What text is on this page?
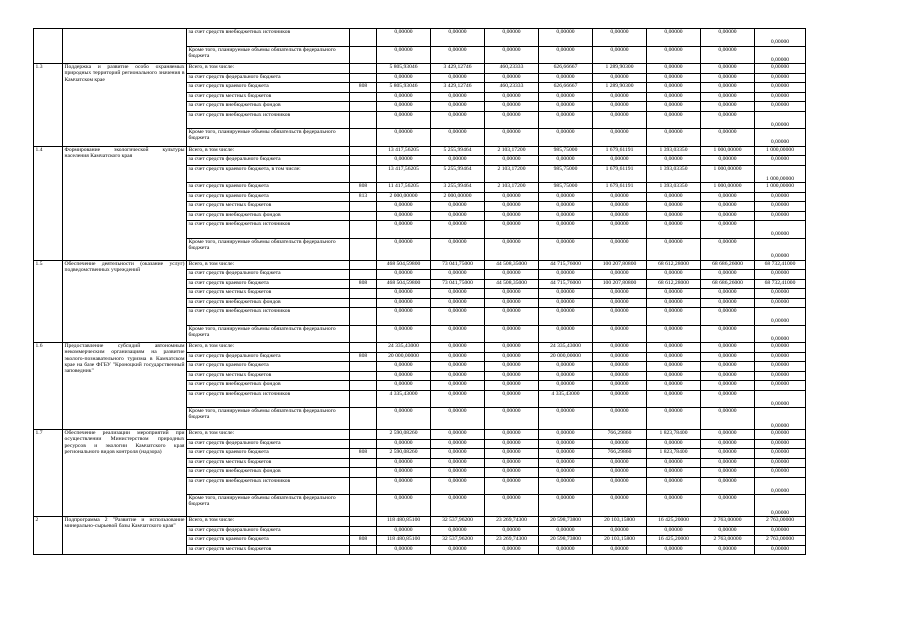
		за счет средств внебюджетных источников		0,00000	0,00000	0,00000	0,00000	0,00000	0,00000	0,00000	0,00000
		Кроме того, планируемые объемы обязательств федерального бюджета		0,00000	0,00000	0,00000	0,00000	0,00000	0,00000	0,00000	0,00000
1.3	Поддержка и развитие особо охраняемых природных территорий регионального значения в Камчатском крае	Всего, в том числе:		5 805,93046	3 429,12746	460,23333	626,66667	1 289,90300	0,00000	0,00000	0,00000
		за счет средств федерального бюджета		0,00000	0,00000	0,00000	0,00000	0,00000	0,00000	0,00000	0,00000
		за счет средств краевого бюджета	808	5 805,93046	3 429,12746	460,23333	626,66667	1 289,90300	0,00000	0,00000	0,00000
		за счет средств местных бюджетов		0,00000	0,00000	0,00000	0,00000	0,00000	0,00000	0,00000	0,00000
		за счет средств внебюджетных фондов		0,00000	0,00000	0,00000	0,00000	0,00000	0,00000	0,00000	0,00000
		за счет средств внебюджетных источников		0,00000	0,00000	0,00000	0,00000	0,00000	0,00000	0,00000	0,00000
		Кроме того, планируемые объемы обязательств федерального бюджета		0,00000	0,00000	0,00000	0,00000	0,00000	0,00000	0,00000	0,00000
1.4	Формирование экологической культуры населения Камчатского края	Всего, в том числе:		13 417,56205	5 255,99464	2 103,17200	985,75000	1 679,61191	1 393,03350	1 000,00000	1 000,00000
		за счет средств федерального бюджета		0,00000	0,00000	0,00000	0,00000	0,00000	0,00000	0,00000	0,00000
		за счет средств краевого бюджета, в том числе:		13 417,56205	5 255,99464	2 103,17200	985,75000	1 679,61191	1 393,03350	1 000,00000	1 000,00000
		за счет средств краевого бюджета	808	11 417,56205	3 255,99464	2 103,17200	985,75000	1 679,61191	1 393,03350	1 000,00000	1 000,00000
		за счет средств краевого бюджета	813	2 000,00000	2 000,00000	0,00000	0,00000	0,00000	0,00000	0,00000	0,00000
		за счет средств местных бюджетов		0,00000	0,00000	0,00000	0,00000	0,00000	0,00000	0,00000	0,00000
		за счет средств внебюджетных фондов		0,00000	0,00000	0,00000	0,00000	0,00000	0,00000	0,00000	0,00000
		за счет средств внебюджетных источников		0,00000	0,00000	0,00000	0,00000	0,00000	0,00000	0,00000	0,00000
		Кроме того, планируемые объемы обязательств федерального бюджета		0,00000	0,00000	0,00000	0,00000	0,00000	0,00000	0,00000	0,00000
1.5	Обеспечение деятельности (оказание услуг) подведомственных учреждений	Всего, в том числе:		468 504,59800	73 041,75000	44 508,35000	44 715,76000	100 207,80800	68 612,28000	68 686,26000	68 732,41000
		за счет средств федерального бюджета		0,00000	0,00000	0,00000	0,00000	0,00000	0,00000	0,00000	0,00000
		за счет средств краевого бюджета	808	468 504,59800	73 041,75000	44 508,35000	44 715,76000	100 207,80800	68 612,28000	68 686,26000	68 732,41000
		за счет средств местных бюджетов		0,00000	0,00000	0,00000	0,00000	0,00000	0,00000	0,00000	0,00000
		за счет средств внебюджетных фондов		0,00000	0,00000	0,00000	0,00000	0,00000	0,00000	0,00000	0,00000
		за счет средств внебюджетных источников		0,00000	0,00000	0,00000	0,00000	0,00000	0,00000	0,00000	0,00000
		Кроме того, планируемые объемы обязательств федерального бюджета		0,00000	0,00000	0,00000	0,00000	0,00000	0,00000	0,00000	0,00000
1.6	Предоставление субсидий автономным некоммерческим организациям на развитие эколого-познавательного туризма в Камчатском крае на базе ФГБУ "Кроноцкий государственный заповедник"	Всего, в том числе:		24 335,43000	0,00000	0,00000	24 335,43000	0,00000	0,00000	0,00000	0,00000
		за счет средств федерального бюджета	808	20 000,00000	0,00000	0,00000	20 000,00000	0,00000	0,00000	0,00000	0,00000
		за счет средств краевого бюджета		0,00000	0,00000	0,00000	0,00000	0,00000	0,00000	0,00000	0,00000
		за счет средств местных бюджетов		0,00000	0,00000	0,00000	0,00000	0,00000	0,00000	0,00000	0,00000
		за счет средств внебюджетных фондов		0,00000	0,00000	0,00000	0,00000	0,00000	0,00000	0,00000	0,00000
		за счет средств внебюджетных источников		4 335,43000	0,00000	0,00000	4 335,43000	0,00000	0,00000	0,00000	0,00000
		Кроме того, планируемые объемы обязательств федерального бюджета		0,00000	0,00000	0,00000	0,00000	0,00000	0,00000	0,00000	0,00000
1.7	Обеспечение реализации мероприятий при осуществлении Министерством природных ресурсов и экологии Камчатского края регионального видов контроля (надзора)	Всего, в том числе:		2 590,08260	0,00000	0,00000	0,00000	766,29860	1 823,78400	0,00000	0,00000
		за счет средств федерального бюджета		0,00000	0,00000	0,00000	0,00000	0,00000	0,00000	0,00000	0,00000
		за счет средств краевого бюджета	808	2 590,08260	0,00000	0,00000	0,00000	766,29860	1 823,78400	0,00000	0,00000
		за счет средств местных бюджетов		0,00000	0,00000	0,00000	0,00000	0,00000	0,00000	0,00000	0,00000
		за счет средств внебюджетных фондов		0,00000	0,00000	0,00000	0,00000	0,00000	0,00000	0,00000	0,00000
		за счет средств внебюджетных источников		0,00000	0,00000	0,00000	0,00000	0,00000	0,00000	0,00000	0,00000
		Кроме того, планируемые объемы обязательств федерального бюджета		0,00000	0,00000	0,00000	0,00000	0,00000	0,00000	0,00000	0,00000
2	Подпрограмма 2 "Развитие и использование минерально-сырьевой базы Камчатского края"	Всего, в том числе:		118 480,85100	32 537,96200	23 269,74300	20 598,73800	20 103,15800	16 425,20000	2 763,00000	2 763,00000
		за счет средств федерального бюджета		0,00000	0,00000	0,00000	0,00000	0,00000	0,00000	0,00000	0,00000
		за счет средств краевого бюджета	808	118 480,85100	32 537,96200	23 269,74300	20 598,73800	20 103,15800	16 425,20000	2 763,00000	2 763,00000
		за счет средств местных бюджетов		0,00000	0,00000	0,00000	0,00000	0,00000	0,00000	0,00000	0,00000
